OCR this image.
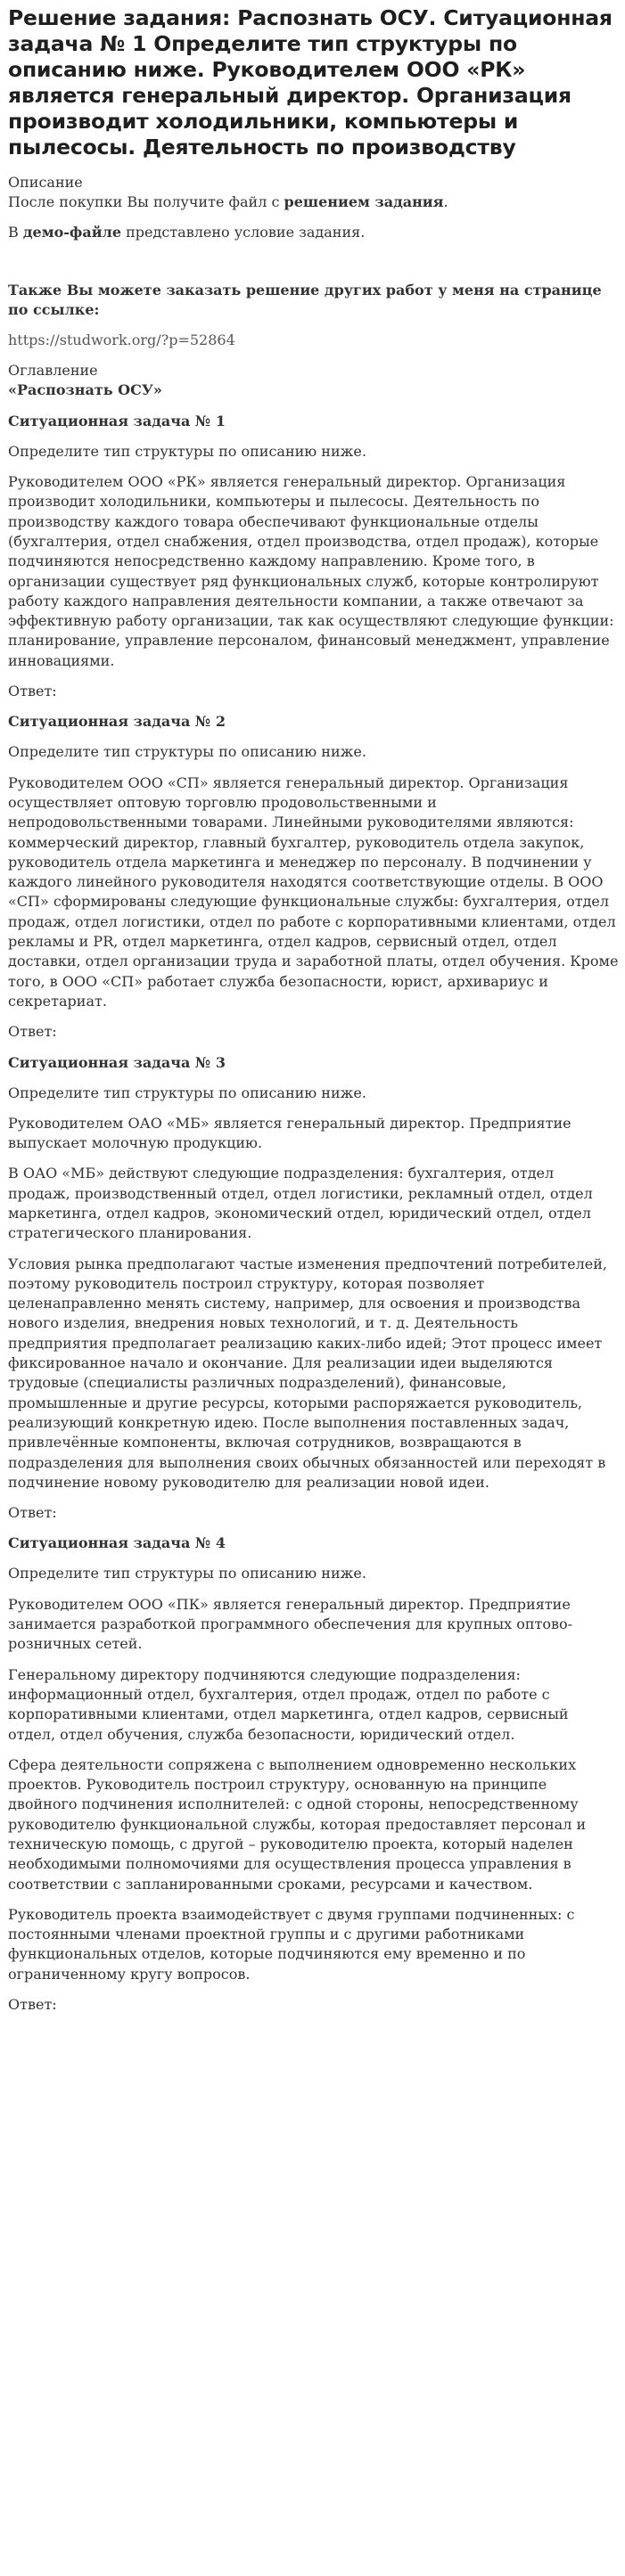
Решение задания: Распознать ОСУ. Ситуационная задача № 1 Определите тип структуры по описанию ниже. Руководителем ООО «РК» является генеральный директор. Организация производит холодильники, компьютеры и пылесосы. Деятельность по производству
Описание

После покупки Вы получите файл с решением задания.

В демо-файле представлено условие задания.

Также Вы можете заказать решение других работ у меня на странице по ссылке:

https://studwork.org/?p=52864

Оглавление

«Распознать ОСУ»

Ситуационная задача № 1

Определите тип структуры по описанию ниже.

Руководителем ООО «РК» является генеральный директор. Организация производит холодильники, компьютеры и пылесосы. Деятельность по производству каждого товара обеспечивают функциональные отделы (бухгалтерия, отдел снабжения, отдел производства, отдел продаж), которые подчиняются непосредственно каждому направлению. Кроме того, в организации существует ряд функциональных служб, которые контролируют работу каждого направления деятельности компании, а также отвечают за эффективную работу организации, так как осуществляют следующие функции: планирование, управление персоналом, финансовый менеджмент, управление инновациями.

Ответ:

Ситуационная задача № 2

Определите тип структуры по описанию ниже.

Руководителем ООО «СП» является генеральный директор. Организация осуществляет оптовую торговлю продовольственными и непродовольственными товарами. Линейными руководителями являются: коммерческий директор, главный бухгалтер, руководитель отдела закупок, руководитель отдела маркетинга и менеджер по персоналу. В подчинении у каждого линейного руководителя находятся соответствующие отделы. В ООО «СП» сформированы следующие функциональные службы: бухгалтерия, отдел продаж, отдел логистики, отдел по работе с корпоративными клиентами, отдел рекламы и PR, отдел маркетинга, отдел кадров, сервисный отдел, отдел доставки, отдел организации труда и заработной платы, отдел обучения. Кроме того, в ООО «СП» работает служба безопасности, юрист, архивариус и секретариат.

Ответ:

Ситуационная задача № 3

Определите тип структуры по описанию ниже.

Руководителем ОАО «МБ» является генеральный директор. Предприятие выпускает молочную продукцию.

В ОАО «МБ» действуют следующие подразделения: бухгалтерия, отдел продаж, производственный отдел, отдел логистики, рекламный отдел, отдел маркетинга, отдел кадров, экономический отдел, юридический отдел, отдел стратегического планирования.

Условия рынка предполагают частые изменения предпочтений потребителей, поэтому руководитель построил структуру, которая позволяет целенаправленно менять систему, например, для освоения и производства нового изделия, внедрения новых технологий, и т. д. Деятельность предприятия предполагает реализацию каких-либо идей; Этот процесс имеет фиксированное начало и окончание. Для реализации идеи выделяются трудовые (специалисты различных подразделений), финансовые, промышленные и другие ресурсы, которыми распоряжается руководитель, реализующий конкретную идею. После выполнения поставленных задач, привлечённые компоненты, включая сотрудников, возвращаются в подразделения для выполнения своих обычных обязанностей или переходят в подчинение новому руководителю для реализации новой идеи.

Ответ:

Ситуационная задача № 4

Определите тип структуры по описанию ниже.

Руководителем ООО «ПК» является генеральный директор. Предприятие занимается разработкой программного обеспечения для крупных оптово-розничных сетей.

Генеральному директору подчиняются следующие подразделения: информационный отдел, бухгалтерия, отдел продаж, отдел по работе с корпоративными клиентами, отдел маркетинга, отдел кадров, сервисный отдел, отдел обучения, служба безопасности, юридический отдел.

Сфера деятельности сопряжена с выполнением одновременно нескольких проектов. Руководитель построил структуру, основанную на принципе двойного подчинения исполнителей: с одной стороны, непосредственному руководителю функциональной службы, которая предоставляет персонал и техническую помощь, с другой – руководителю проекта, который наделен необходимыми полномочиями для осуществления процесса управления в соответствии с запланированными сроками, ресурсами и качеством.

Руководитель проекта взаимодействует с двумя группами подчиненных: с постоянными членами проектной группы и с другими работниками функциональных отделов, которые подчиняются ему временно и по ограниченному кругу вопросов.

Ответ:
